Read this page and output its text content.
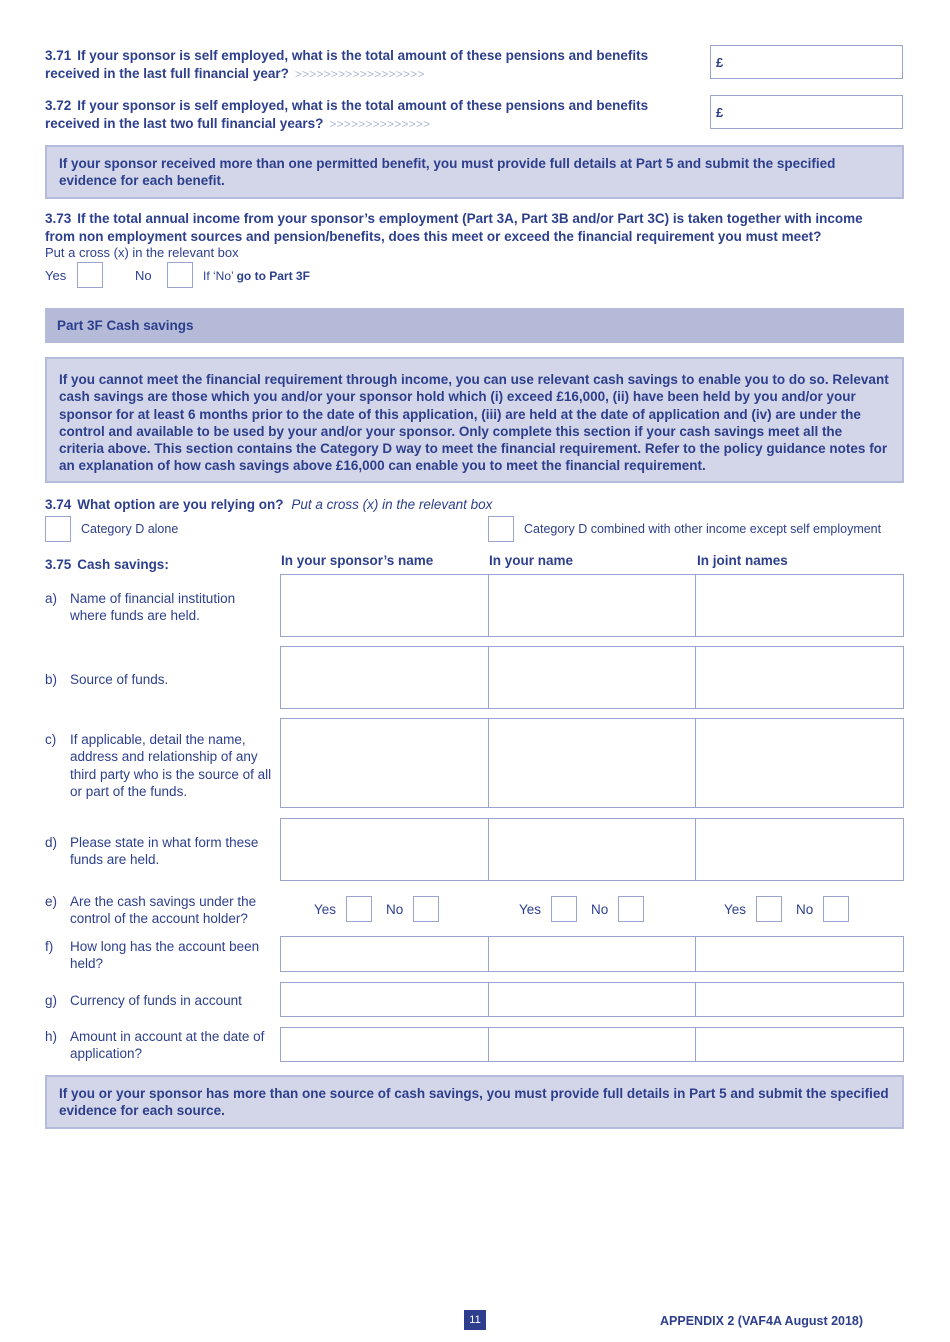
3.71 If your sponsor is self employed, what is the total amount of these pensions and benefits
received in the last full financial year? >>>>>>>>>>>>>>>>>>
£
3.72 If your sponsor is self employed, what is the total amount of these pensions and benefits
received in the last two full financial years? >>>>>>>>>>>>>>
£
If your sponsor received more than one permitted benefit, you must provide full details at Part 5 and submit the specified evidence for each benefit.
3.73 If the total annual income from your sponsor’s employment (Part 3A, Part 3B and/or Part 3C) is taken together with income
from non employment sources and pension/benefits, does this meet or exceed the financial requirement you must meet?
Put a cross (x) in the relevant box
Yes	No	If ‘No’ go to Part 3F
Part 3F Cash savings
If you cannot meet the financial requirement through income, you can use relevant cash savings to enable you to do so. Relevant cash savings are those which you and/or your sponsor hold which (i) exceed £16,000, (ii) have been held by you and/or your sponsor for at least 6 months prior to the date of this application, (iii) are held at the date of application and (iv) are under the control and available to be used by your and/or your sponsor. Only complete this section if your cash savings meet all the criteria above. This section contains the Category D way to meet the financial requirement. Refer to the policy guidance notes for an explanation of how cash savings above £16,000 can enable you to meet the financial requirement.
3.74 What option are you relying on? Put a cross (x) in the relevant box
Category D alone	Category D combined with other income except self employment
3.75 Cash savings:	In your sponsor’s name	In your name	In joint names
a) Name of financial institution where funds are held.
b) Source of funds.
c) If applicable, detail the name, address and relationship of any third party who is the source of all or part of the funds.
d) Please state in what form these funds are held.
e) Are the cash savings under the control of the account holder?
Yes	No	Yes	No	Yes	No
f) How long has the account been held?
g) Currency of funds in account
h) Amount in account at the date of application?
If you or your sponsor has more than one source of cash savings, you must provide full details in Part 5 and submit the specified evidence for each source.
11	APPENDIX 2 (VAF4A August 2018)
